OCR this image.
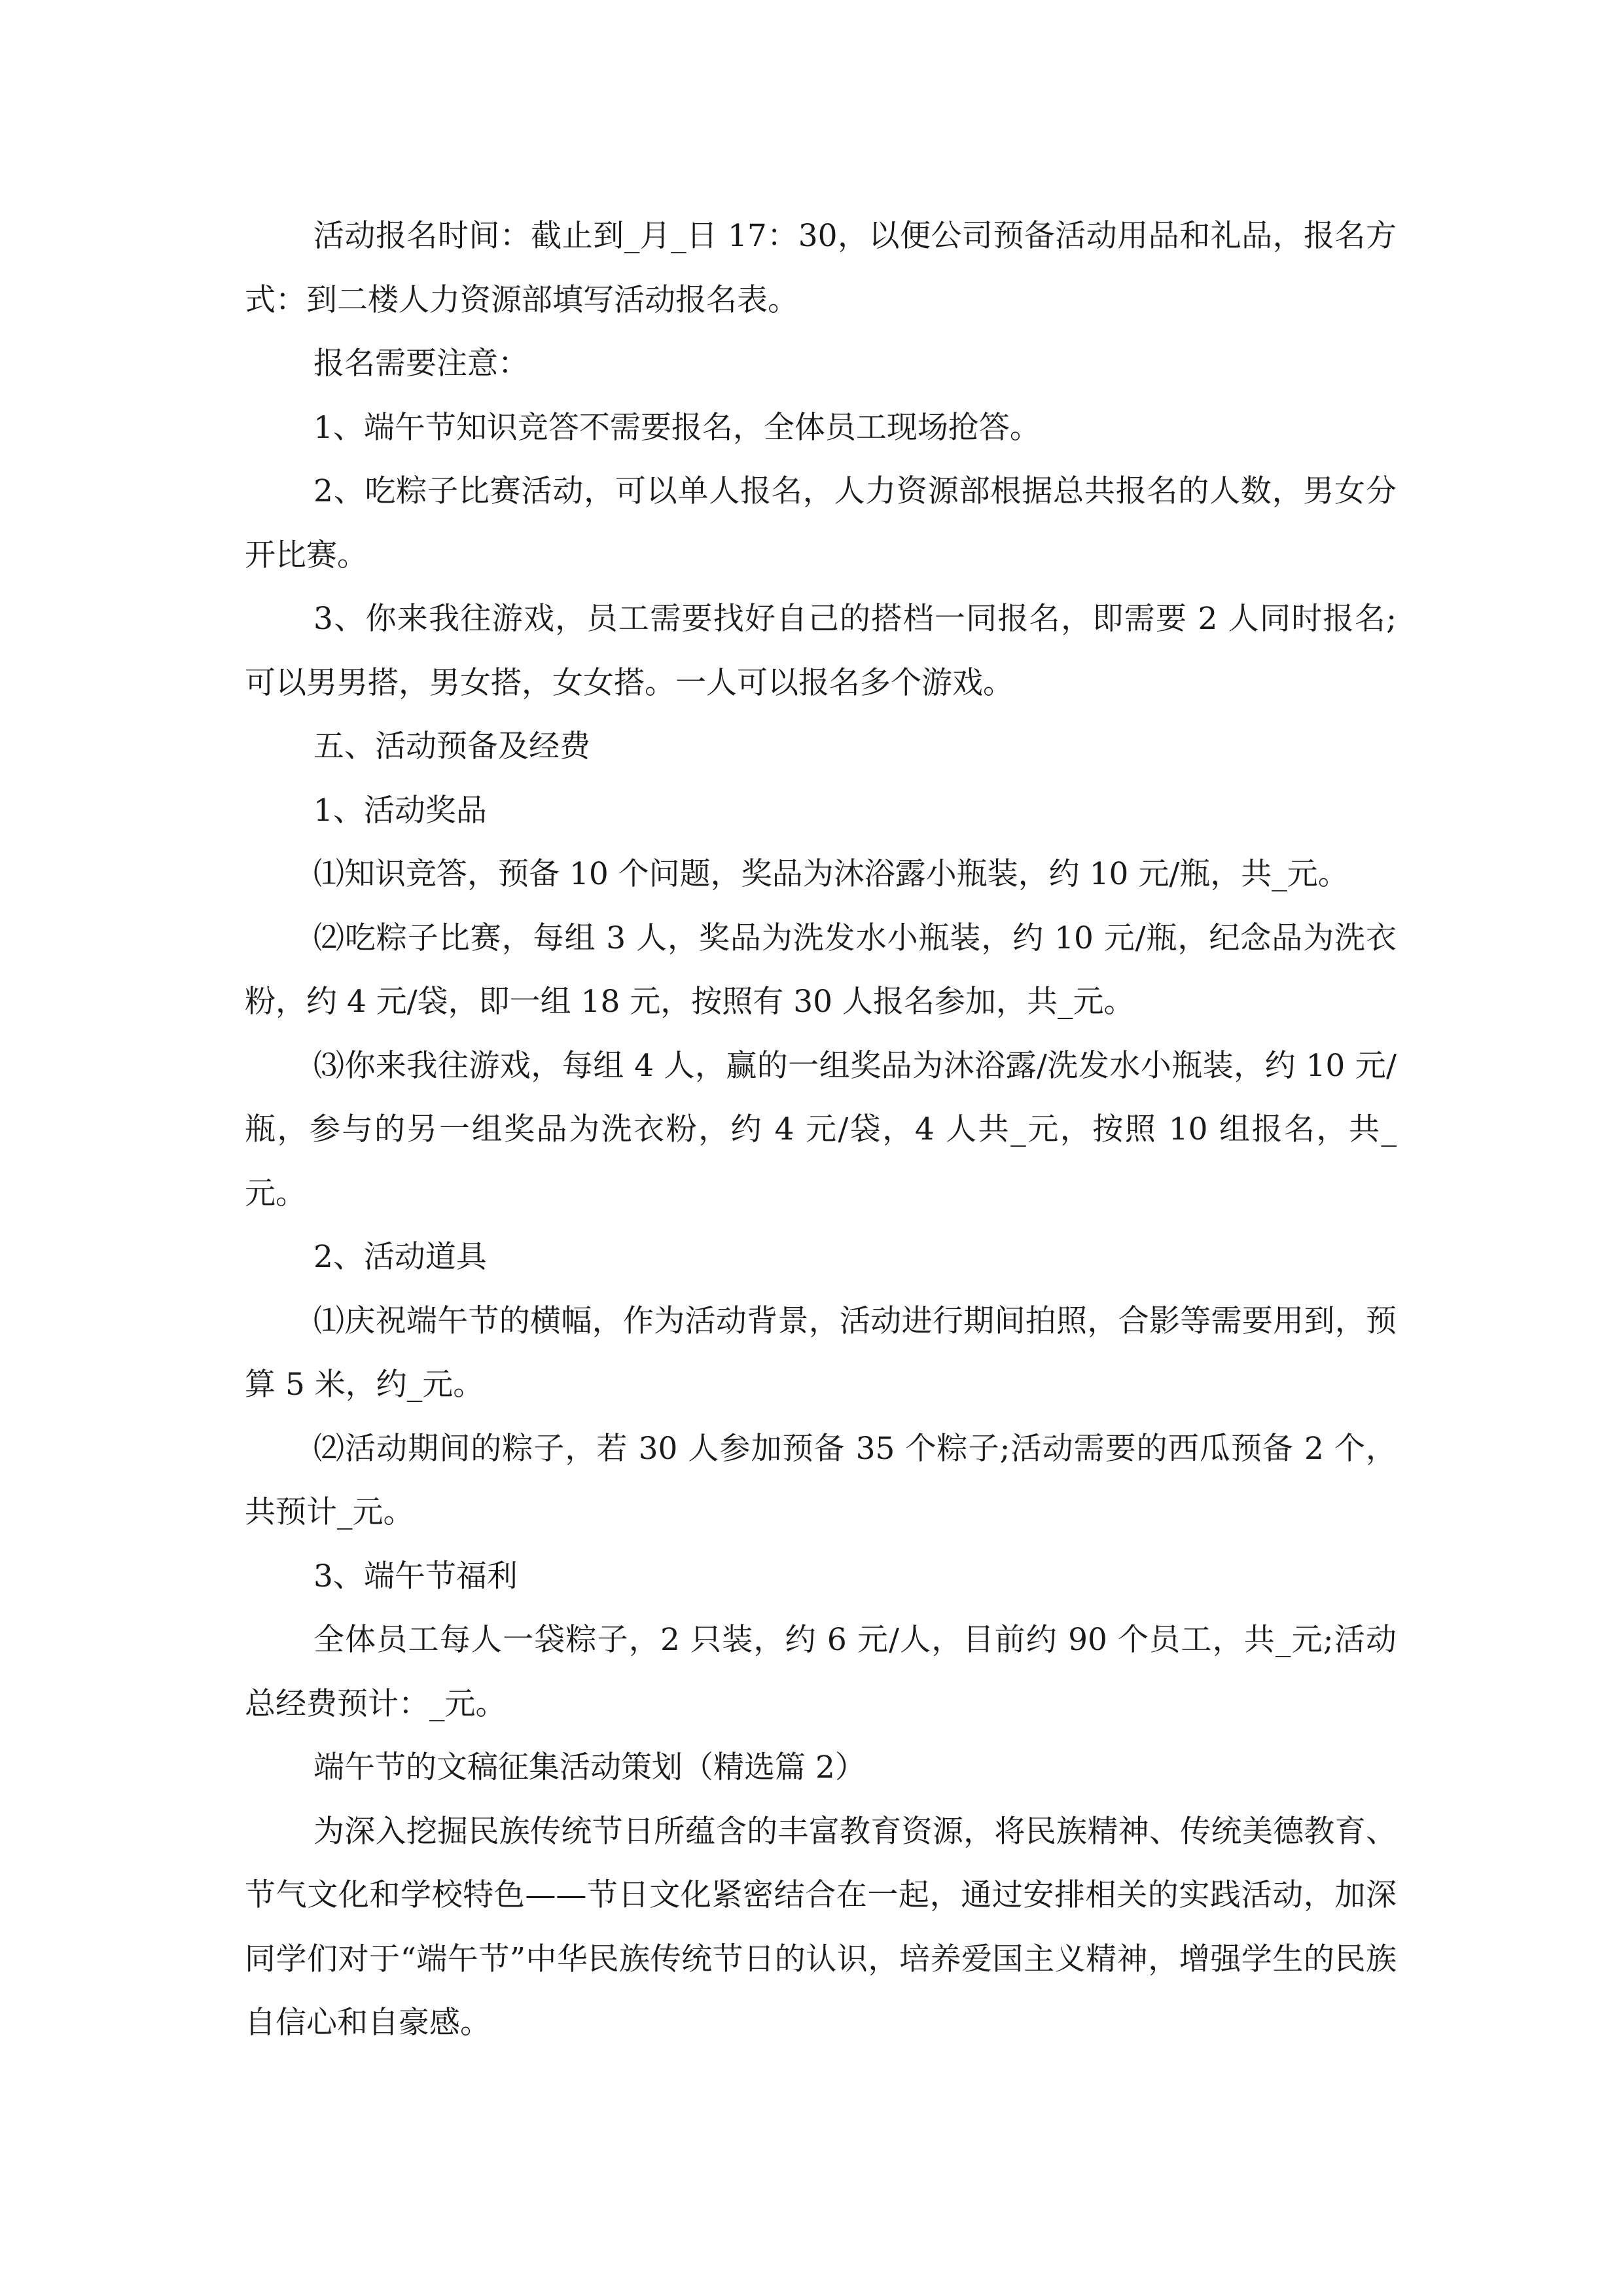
活动报名时间：截止到_月_日 17：30，以便公司预备活动用品和礼品，报名方式：到二楼人力资源部填写活动报名表。

报名需要注意：

1、端午节知识竞答不需要报名，全体员工现场抢答。

2、吃粽子比赛活动，可以单人报名，人力资源部根据总共报名的人数，男女分开比赛。

3、你来我往游戏，员工需要找好自己的搭档一同报名，即需要 2 人同时报名;可以男男搭，男女搭，女女搭。一人可以报名多个游戏。

五、活动预备及经费

1、活动奖品

⑴知识竞答，预备 10 个问题，奖品为沐浴露小瓶装，约 10 元/瓶，共_元。

⑵吃粽子比赛，每组 3 人，奖品为洗发水小瓶装，约 10 元/瓶，纪念品为洗衣粉，约 4 元/袋，即一组 18 元，按照有 30 人报名参加，共_元。

⑶你来我往游戏，每组 4 人，赢的一组奖品为沐浴露/洗发水小瓶装，约 10 元/瓶，参与的另一组奖品为洗衣粉，约 4 元/袋，4 人共_元，按照 10 组报名，共_元。

2、活动道具

⑴庆祝端午节的横幅，作为活动背景，活动进行期间拍照，合影等需要用到，预算 5 米，约_元。

⑵活动期间的粽子，若 30 人参加预备 35 个粽子;活动需要的西瓜预备 2 个，共预计_元。

3、端午节福利

全体员工每人一袋粽子，2 只装，约 6 元/人，目前约 90 个员工，共_元;活动总经费预计：_元。

端午节的文稿征集活动策划（精选篇 2）

为深入挖掘民族传统节日所蕴含的丰富教育资源，将民族精神、传统美德教育、节气文化和学校特色——节日文化紧密结合在一起，通过安排相关的实践活动，加深同学们对于“端午节”中华民族传统节日的认识，培养爱国主义精神，增强学生的民族自信心和自豪感。
